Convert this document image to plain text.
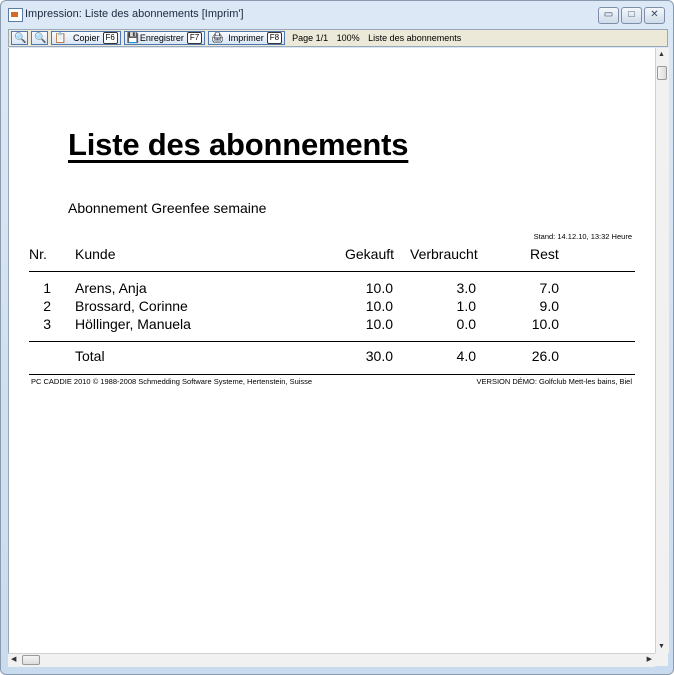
Impression: Liste des abonnements [Imprim']	▭	□	✕
🔍 🔍 📋 Copier F6	💾 Enregistrer F7	🖨 Imprimer F8	Page 1/1 100% Liste des abonnements
Liste des abonnements
Abonnement Greenfee semaine
Stand: 14.12.10, 13:32 Heure
Nr. Kunde	Gekauft Verbraucht	Rest
1 Arens, Anja	10.0	3.0	7.0
2 Brossard, Corinne	10.0	1.0	9.0
3 Höllinger, Manuela	10.0	0.0	10.0
Total	30.0	4.0	26.0
PC CADDIE 2010 © 1988-2008 Schmedding Software Systeme, Hertenstein, Suisse	VERSION DÉMO: Golfclub Mett-les bains, Biel
▲
▼
◀	▶
